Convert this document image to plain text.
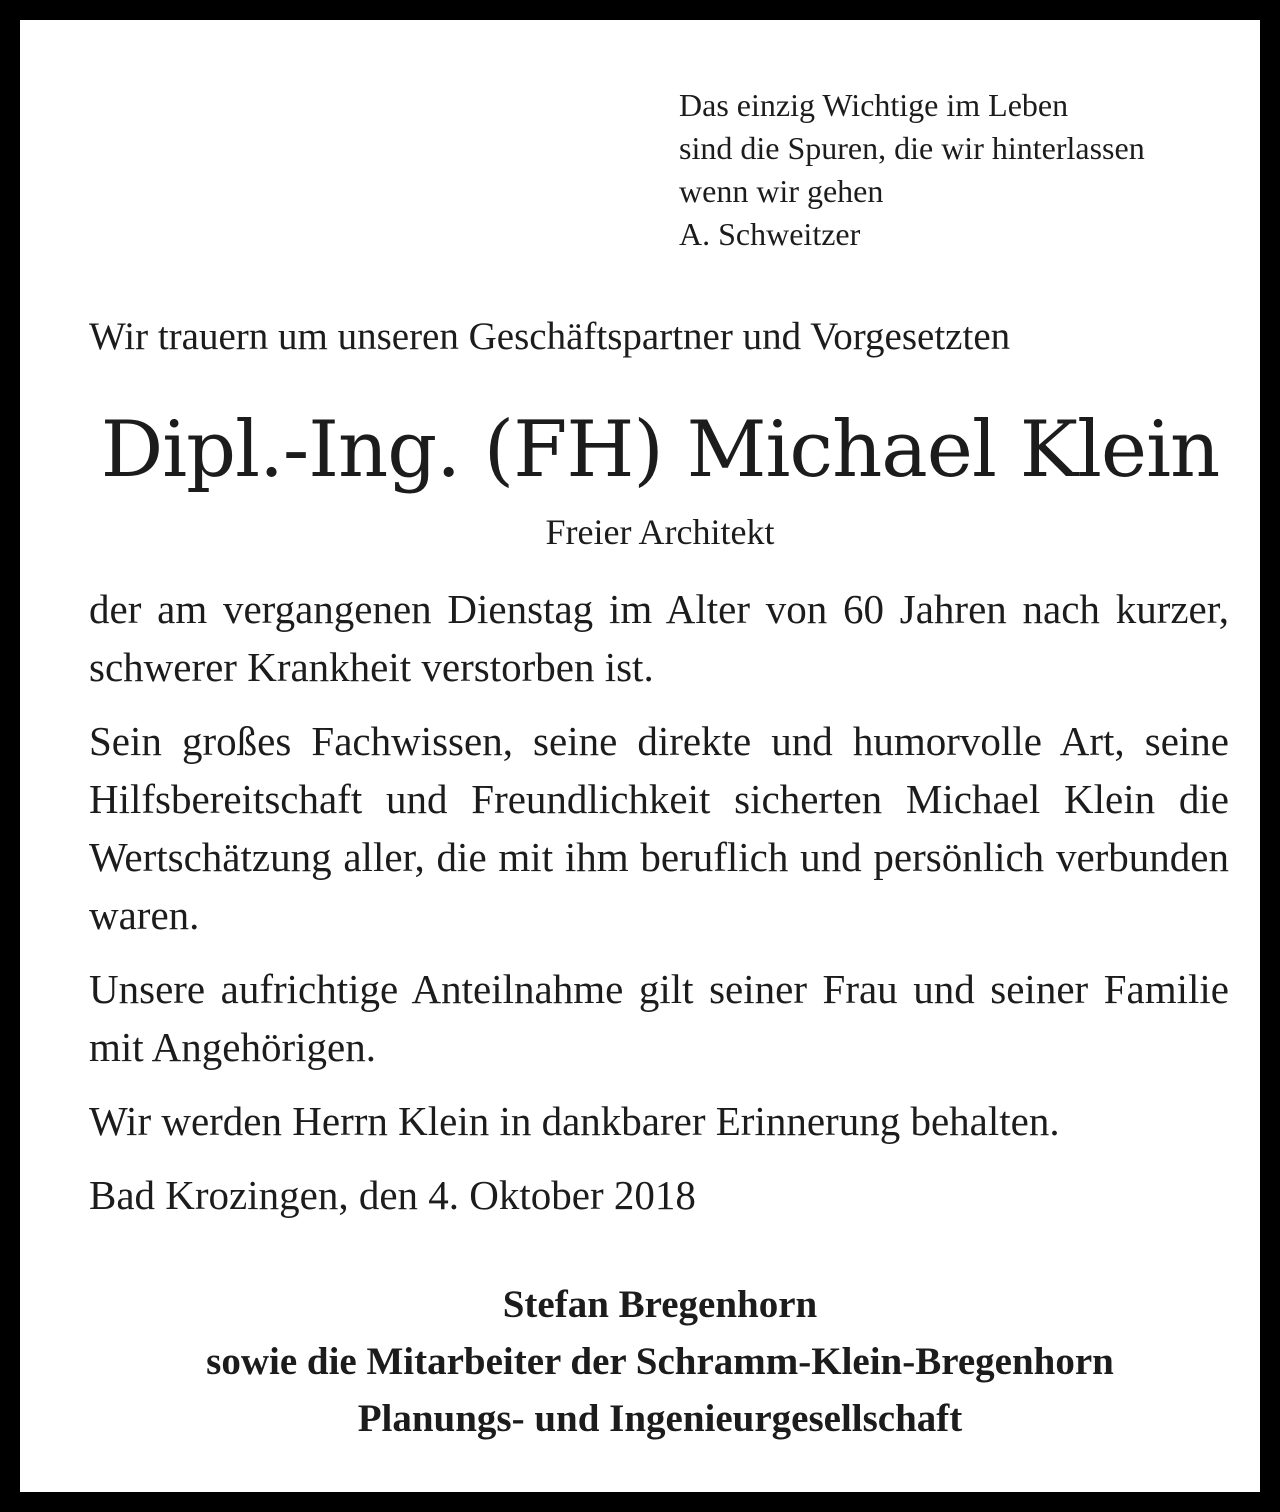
Das einzig Wichtige im Leben
sind die Spuren, die wir hinterlassen
wenn wir gehen
A. Schweitzer
Wir trauern um unseren Geschäftspartner und Vorgesetzten
Dipl.-Ing. (FH) Michael Klein
Freier Architekt

der am vergangenen Dienstag im Alter von 60 Jahren nach kurzer, schwerer Krankheit verstorben ist.

Sein großes Fachwissen, seine direkte und humorvolle Art, seine Hilfsbereitschaft und Freundlichkeit sicherten Michael Klein die Wertschätzung aller, die mit ihm beruflich und persönlich verbunden waren.

Unsere aufrichtige Anteilnahme gilt seiner Frau und seiner Familie mit Angehörigen.

Wir werden Herrn Klein in dankbarer Erinnerung behalten.

Bad Krozingen, den 4. Oktober 2018

Stefan Bregenhorn
sowie die Mitarbeiter der Schramm-Klein-Bregenhorn
Planungs- und Ingenieurgesellschaft
